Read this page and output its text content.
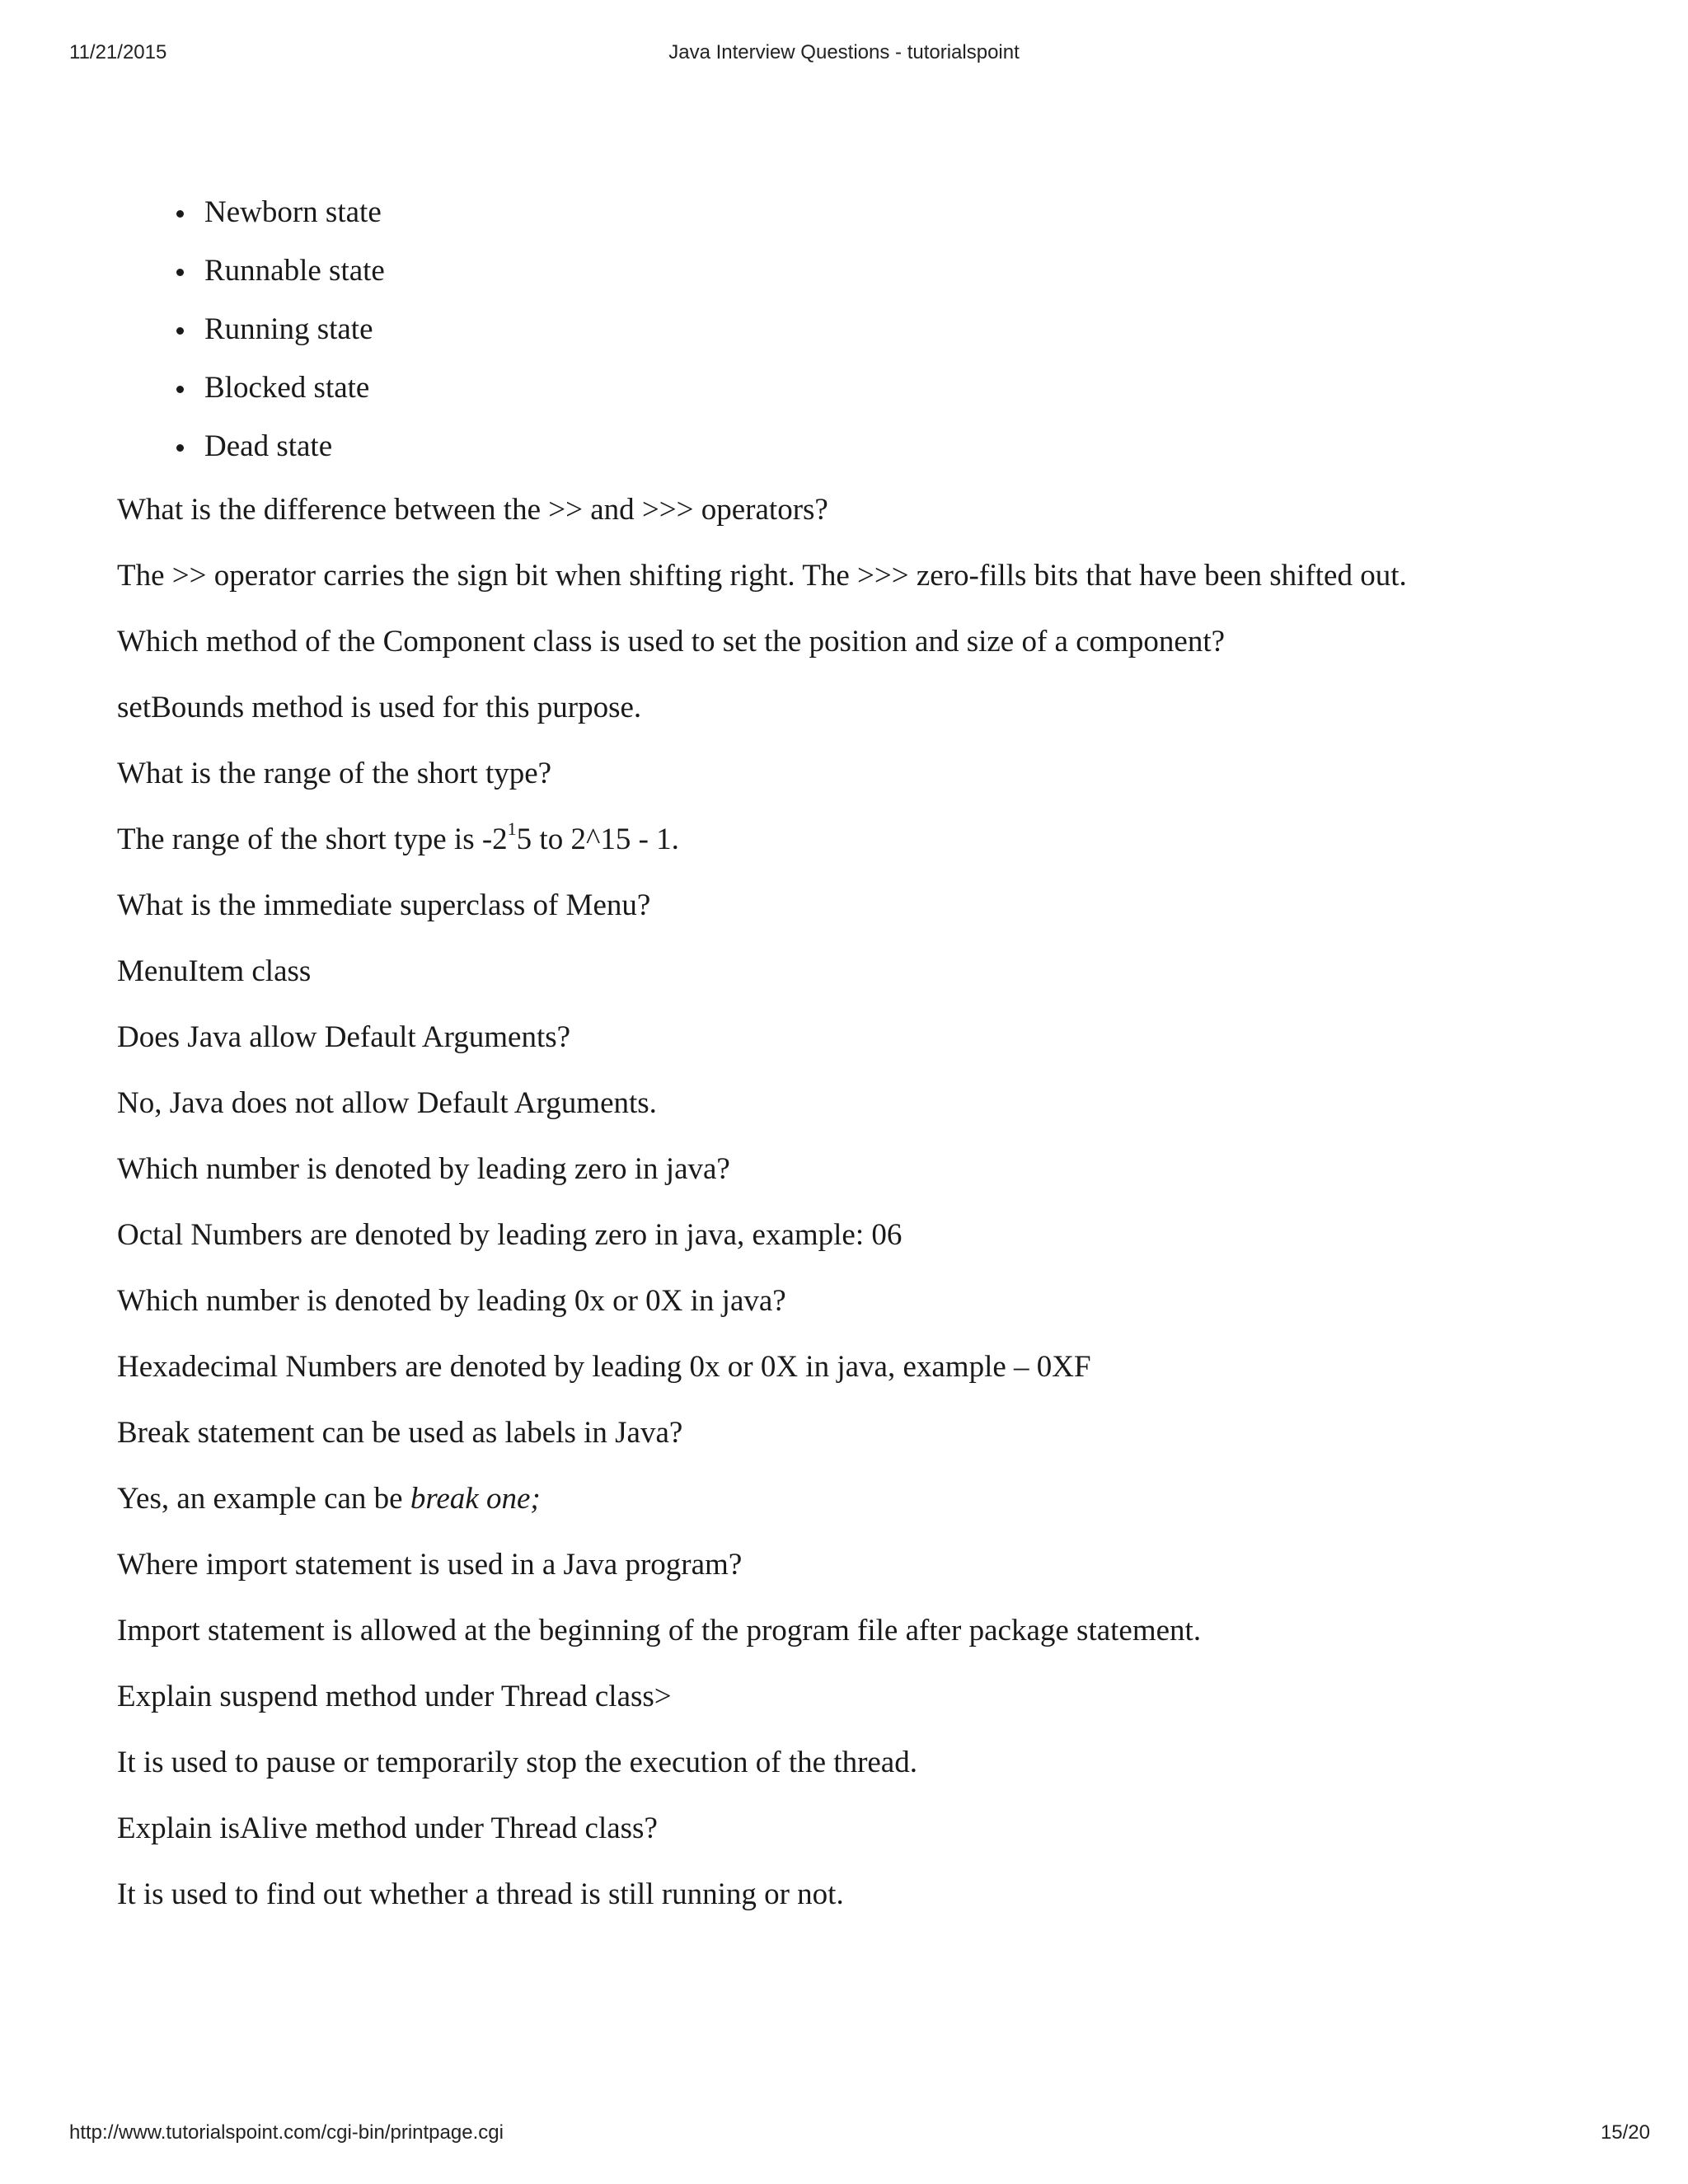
11/21/2015	Java Interview Questions - tutorialspoint
Newborn state
Runnable state
Running state
Blocked state
Dead state
What is the difference between the >> and >>> operators?
The >> operator carries the sign bit when shifting right. The >>> zero-fills bits that have been shifted out.
Which method of the Component class is used to set the position and size of a component?
setBounds method is used for this purpose.
What is the range of the short type?
The range of the short type is $-2^15$ to 2^15 - 1.
What is the immediate superclass of Menu?
MenuItem class
Does Java allow Default Arguments?
No, Java does not allow Default Arguments.
Which number is denoted by leading zero in java?
Octal Numbers are denoted by leading zero in java, example: 06
Which number is denoted by leading 0x or 0X in java?
Hexadecimal Numbers are denoted by leading 0x or 0X in java, example – 0XF
Break statement can be used as labels in Java?
Yes, an example can be break one;
Where import statement is used in a Java program?
Import statement is allowed at the beginning of the program file after package statement.
Explain suspend method under Thread class>
It is used to pause or temporarily stop the execution of the thread.
Explain isAlive method under Thread class?
It is used to find out whether a thread is still running or not.
http://www.tutorialspoint.com/cgi-bin/printpage.cgi	15/20
